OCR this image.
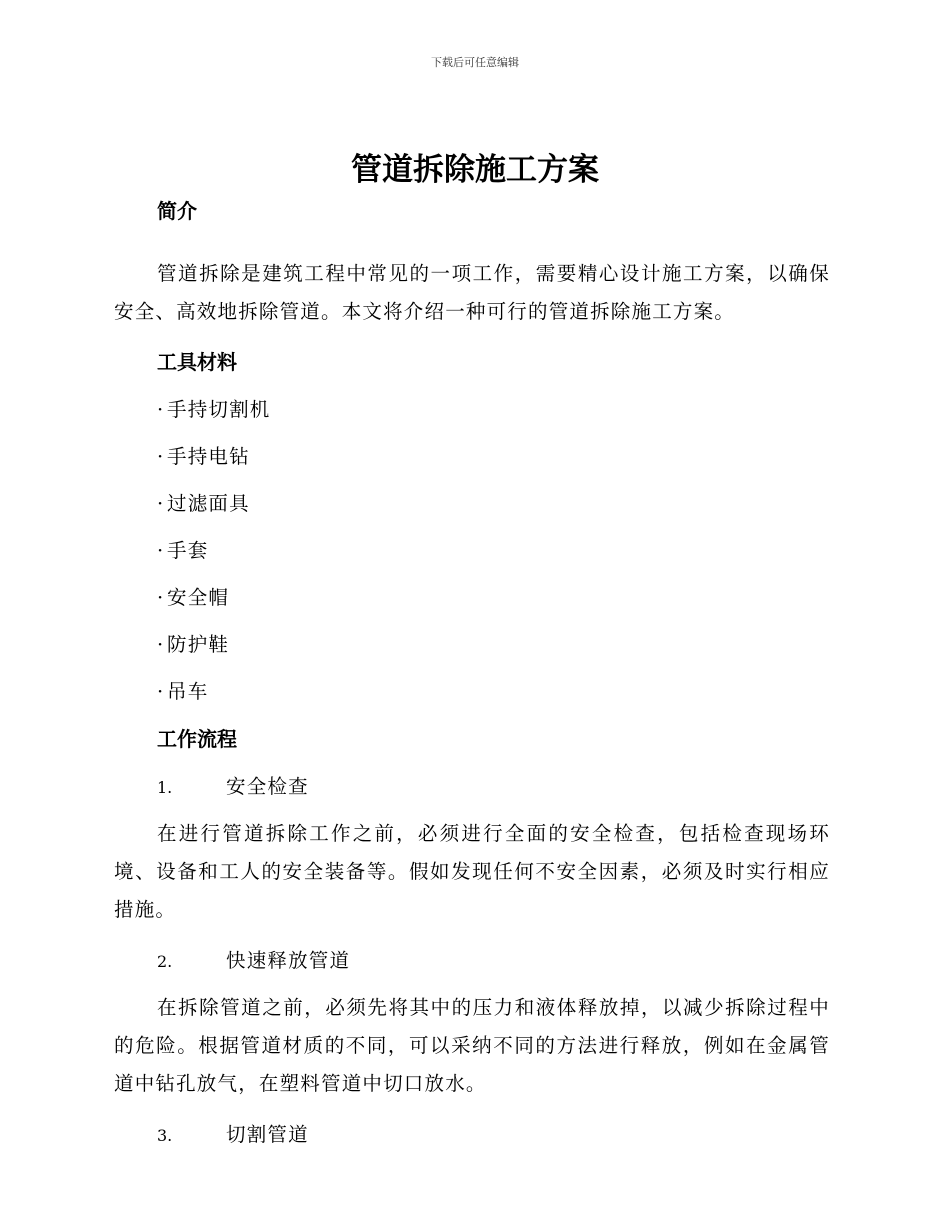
下载后可任意编辑
管道拆除施工方案
简介

管道拆除是建筑工程中常见的一项工作，需要精心设计施工方案，以确保安全、高效地拆除管道。本文将介绍一种可行的管道拆除施工方案。

工具材料
· 手持切割机
· 手持电钻
· 过滤面具
· 手套
· 安全帽
· 防护鞋
· 吊车
工作流程
1.	安全检查

在进行管道拆除工作之前，必须进行全面的安全检查，包括检查现场环境、设备和工人的安全装备等。假如发现任何不安全因素，必须及时实行相应措施。

2.	快速释放管道

在拆除管道之前，必须先将其中的压力和液体释放掉，以减少拆除过程中的危险。根据管道材质的不同，可以采纳不同的方法进行释放，例如在金属管道中钻孔放气，在塑料管道中切口放水。

3.	切割管道
